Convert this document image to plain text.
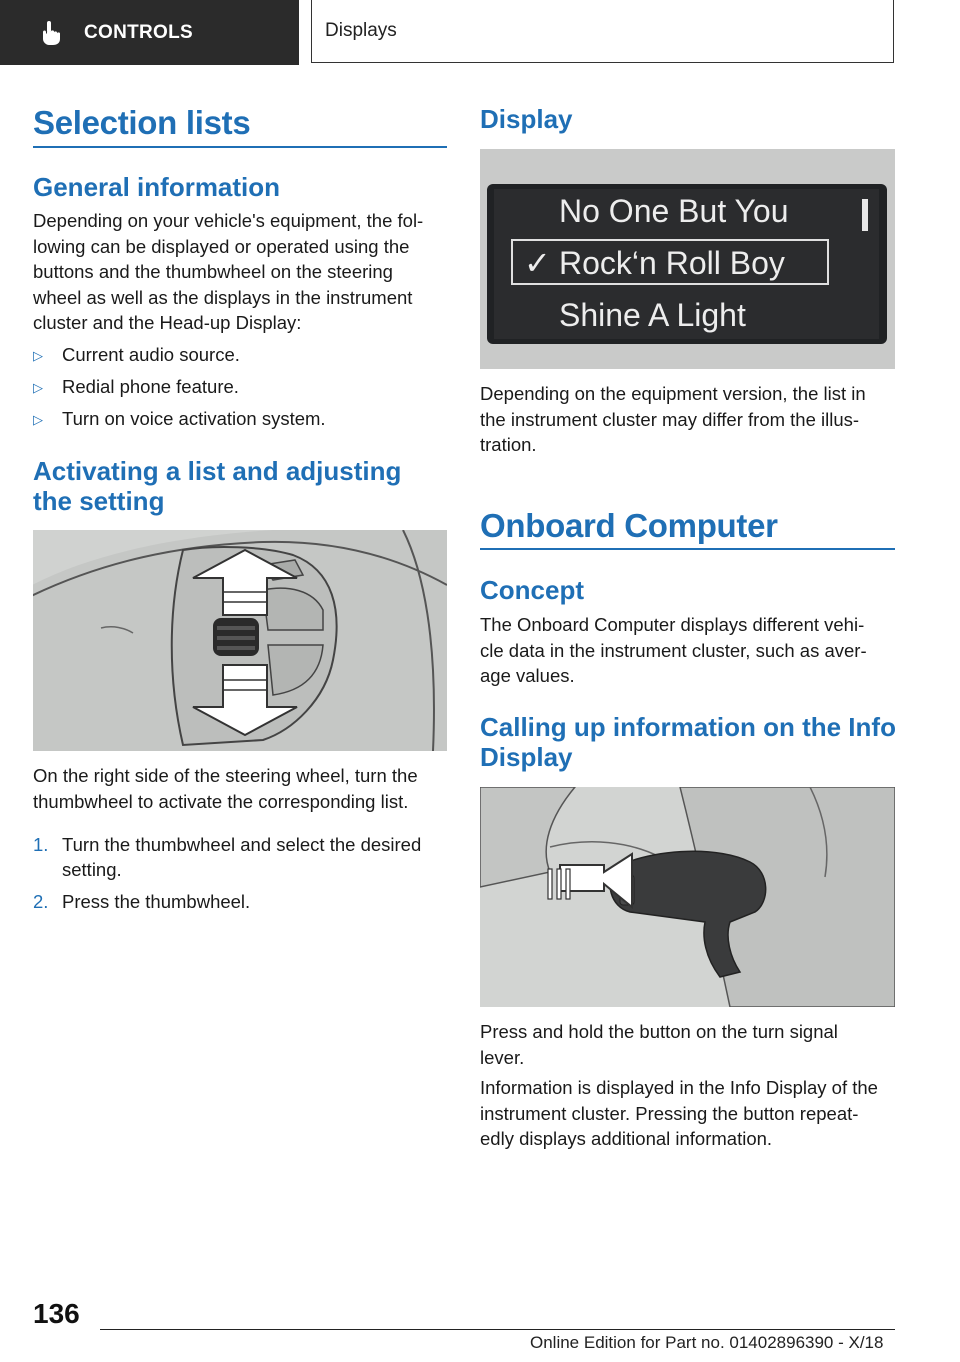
CONTROLS	Displays
Selection lists
General information

Depending on your vehicle's equipment, the fol-
lowing can be displayed or operated using the
buttons and the thumbwheel on the steering
wheel as well as the displays in the instrument
cluster and the Head-up Display:

▷ Current audio source.
▷ Redial phone feature.
▷ Turn on voice activation system.
Activating a list and adjusting the setting

On the right side of the steering wheel, turn the
thumbwheel to activate the corresponding list.

1. Turn the thumbwheel and select the desired setting.
2. Press the thumbwheel.
Display
No One But You
✓ Rock‘n Roll Boy
Shine A Light

Depending on the equipment version, the list in
the instrument cluster may differ from the illus-
tration.

Onboard Computer
Concept

The Onboard Computer displays different vehi-
cle data in the instrument cluster, such as aver-
age values.

Calling up information on the Info Display

Press and hold the button on the turn signal
lever.

Information is displayed in the Info Display of the
instrument cluster. Pressing the button repeat-
edly displays additional information.

136
Online Edition for Part no. 01402896390 - X/18
